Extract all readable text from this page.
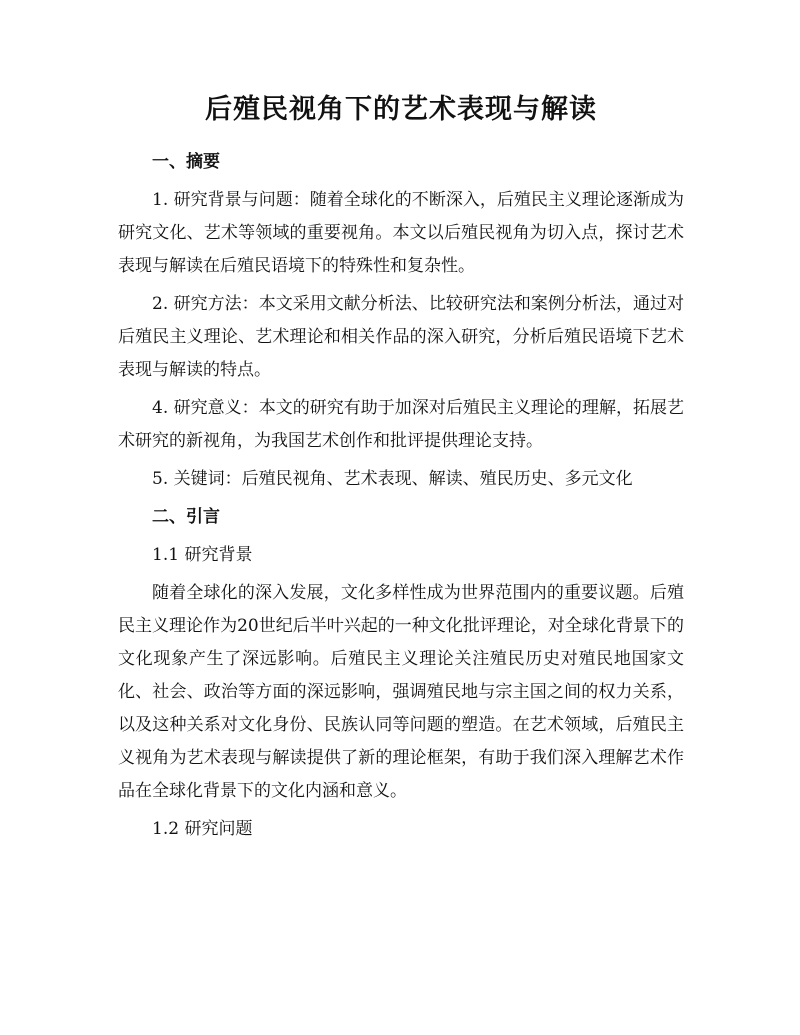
后殖民视角下的艺术表现与解读
一、摘要

1. 研究背景与问题：随着全球化的不断深入，后殖民主义理论逐渐成为研究文化、艺术等领域的重要视角。本文以后殖民视角为切入点，探讨艺术表现与解读在后殖民语境下的特殊性和复杂性。

2. 研究方法：本文采用文献分析法、比较研究法和案例分析法，通过对后殖民主义理论、艺术理论和相关作品的深入研究，分析后殖民语境下艺术表现与解读的特点。

4. 研究意义：本文的研究有助于加深对后殖民主义理论的理解，拓展艺术研究的新视角，为我国艺术创作和批评提供理论支持。

5. 关键词：后殖民视角、艺术表现、解读、殖民历史、多元文化

二、引言

1.1 研究背景

随着全球化的深入发展，文化多样性成为世界范围内的重要议题。后殖民主义理论作为20世纪后半叶兴起的一种文化批评理论，对全球化背景下的文化现象产生了深远影响。后殖民主义理论关注殖民历史对殖民地国家文化、社会、政治等方面的深远影响，强调殖民地与宗主国之间的权力关系，以及这种关系对文化身份、民族认同等问题的塑造。在艺术领域，后殖民主义视角为艺术表现与解读提供了新的理论框架，有助于我们深入理解艺术作品在全球化背景下的文化内涵和意义。

1.2 研究问题
